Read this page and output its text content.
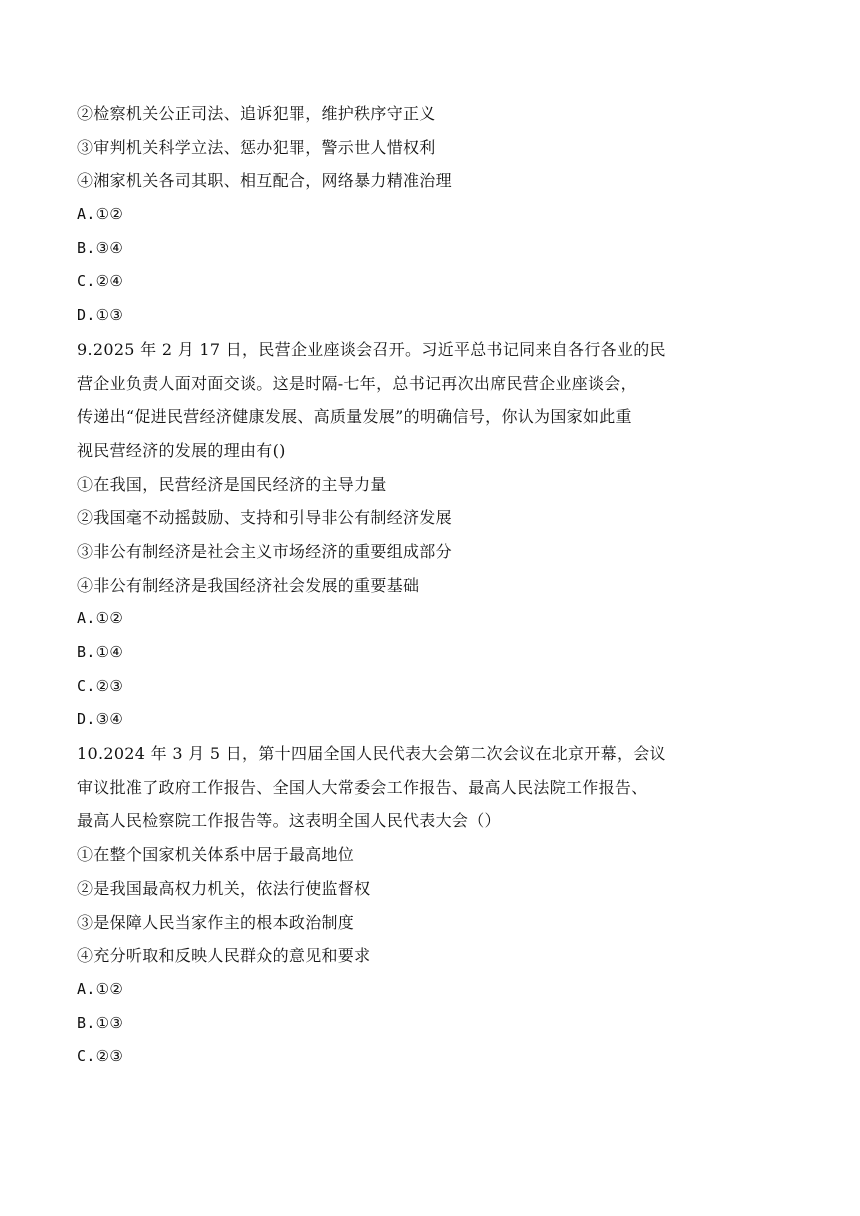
②检察机关公正司法、追诉犯罪，维护秩序守正义
③审判机关科学立法、惩办犯罪，警示世人惜权利
④湘家机关各司其职、相互配合，网络暴力精准治理
A.①②
B.③④
C.②④
D.①③
9.2025 年 2 月 17 日，民营企业座谈会召开。习近平总书记同来自各行各业的民
营企业负责人面对面交谈。这是时隔-七年，总书记再次出席民营企业座谈会，
传递出“促进民营经济健康发展、高质量发展”的明确信号，你认为国家如此重
视民营经济的发展的理由有()
①在我国，民营经济是国民经济的主导力量
②我国毫不动摇鼓励、支持和引导非公有制经济发展
③非公有制经济是社会主义市场经济的重要组成部分
④非公有制经济是我国经济社会发展的重要基础
A.①②
B.①④
C.②③
D.③④
10.2024 年 3 月 5 日，第十四届全国人民代表大会第二次会议在北京开幕，会议
审议批准了政府工作报告、全国人大常委会工作报告、最高人民法院工作报告、
最高人民检察院工作报告等。这表明全国人民代表大会（）
①在整个国家机关体系中居于最高地位
②是我国最高权力机关，依法行使监督权
③是保障人民当家作主的根本政治制度
④充分听取和反映人民群众的意见和要求
A.①②
B.①③
C.②③
